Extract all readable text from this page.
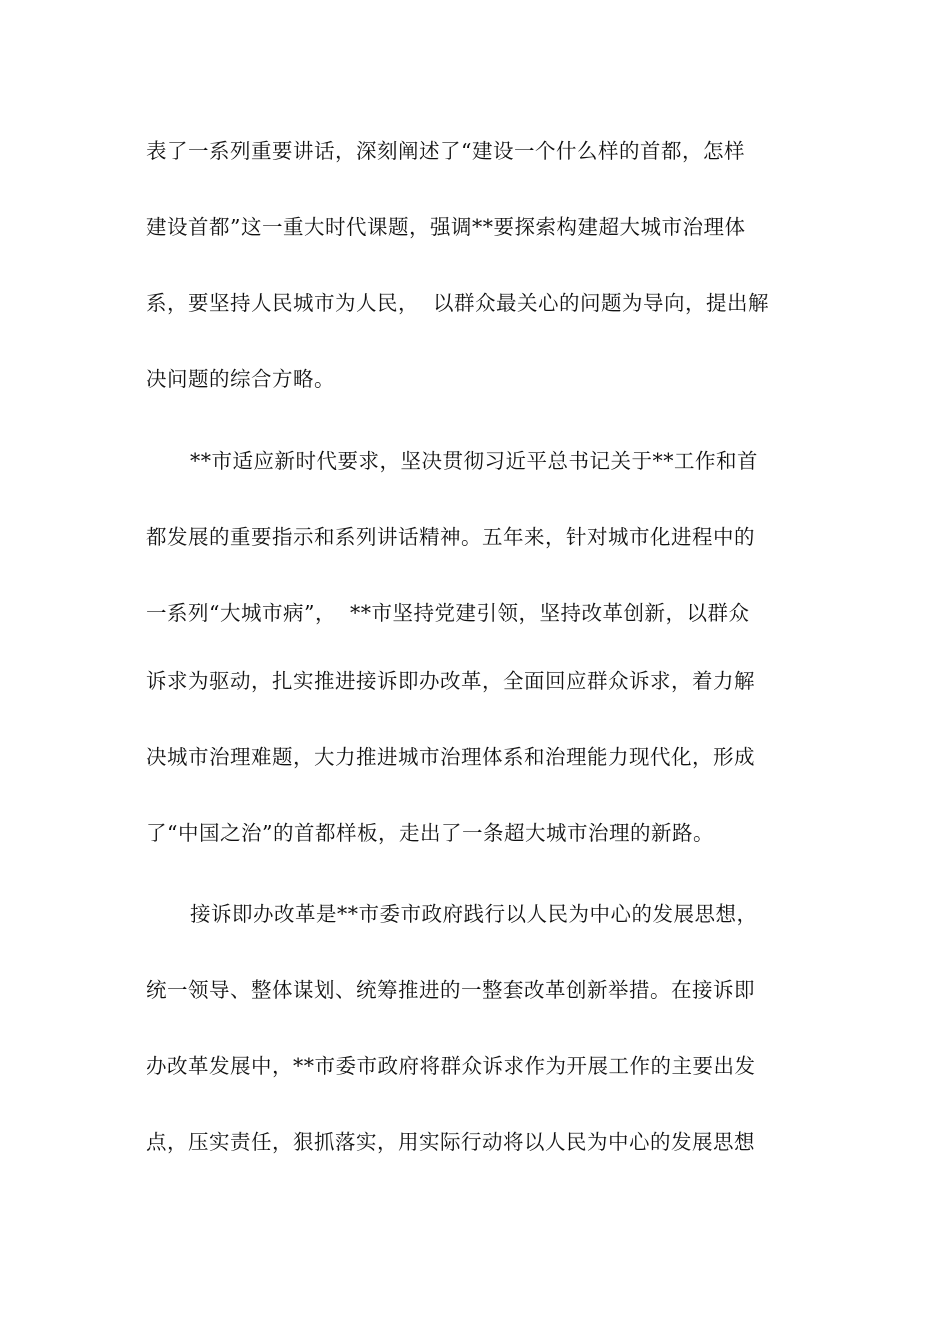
表了一系列重要讲话，深刻阐述了“建设一个什么样的首都，怎样
建设首都”这一重大时代课题，强调**要探索构建超大城市治理体
系，要坚持人民城市为人民，  以群众最关心的问题为导向，提出解
决问题的综合方略。
**市适应新时代要求，坚决贯彻习近平总书记关于**工作和首
都发展的重要指示和系列讲话精神。五年来，针对城市化进程中的
一系列“大城市病”，  **市坚持党建引领，坚持改革创新，以群众
诉求为驱动，扎实推进接诉即办改革，全面回应群众诉求，着力解
决城市治理难题，大力推进城市治理体系和治理能力现代化，形成
了“中国之治”的首都样板，走出了一条超大城市治理的新路。
接诉即办改革是**市委市政府践行以人民为中心的发展思想，
统一领导、整体谋划、统筹推进的一整套改革创新举措。在接诉即
办改革发展中，**市委市政府将群众诉求作为开展工作的主要出发
点，压实责任，狠抓落实，用实际行动将以人民为中心的发展思想
